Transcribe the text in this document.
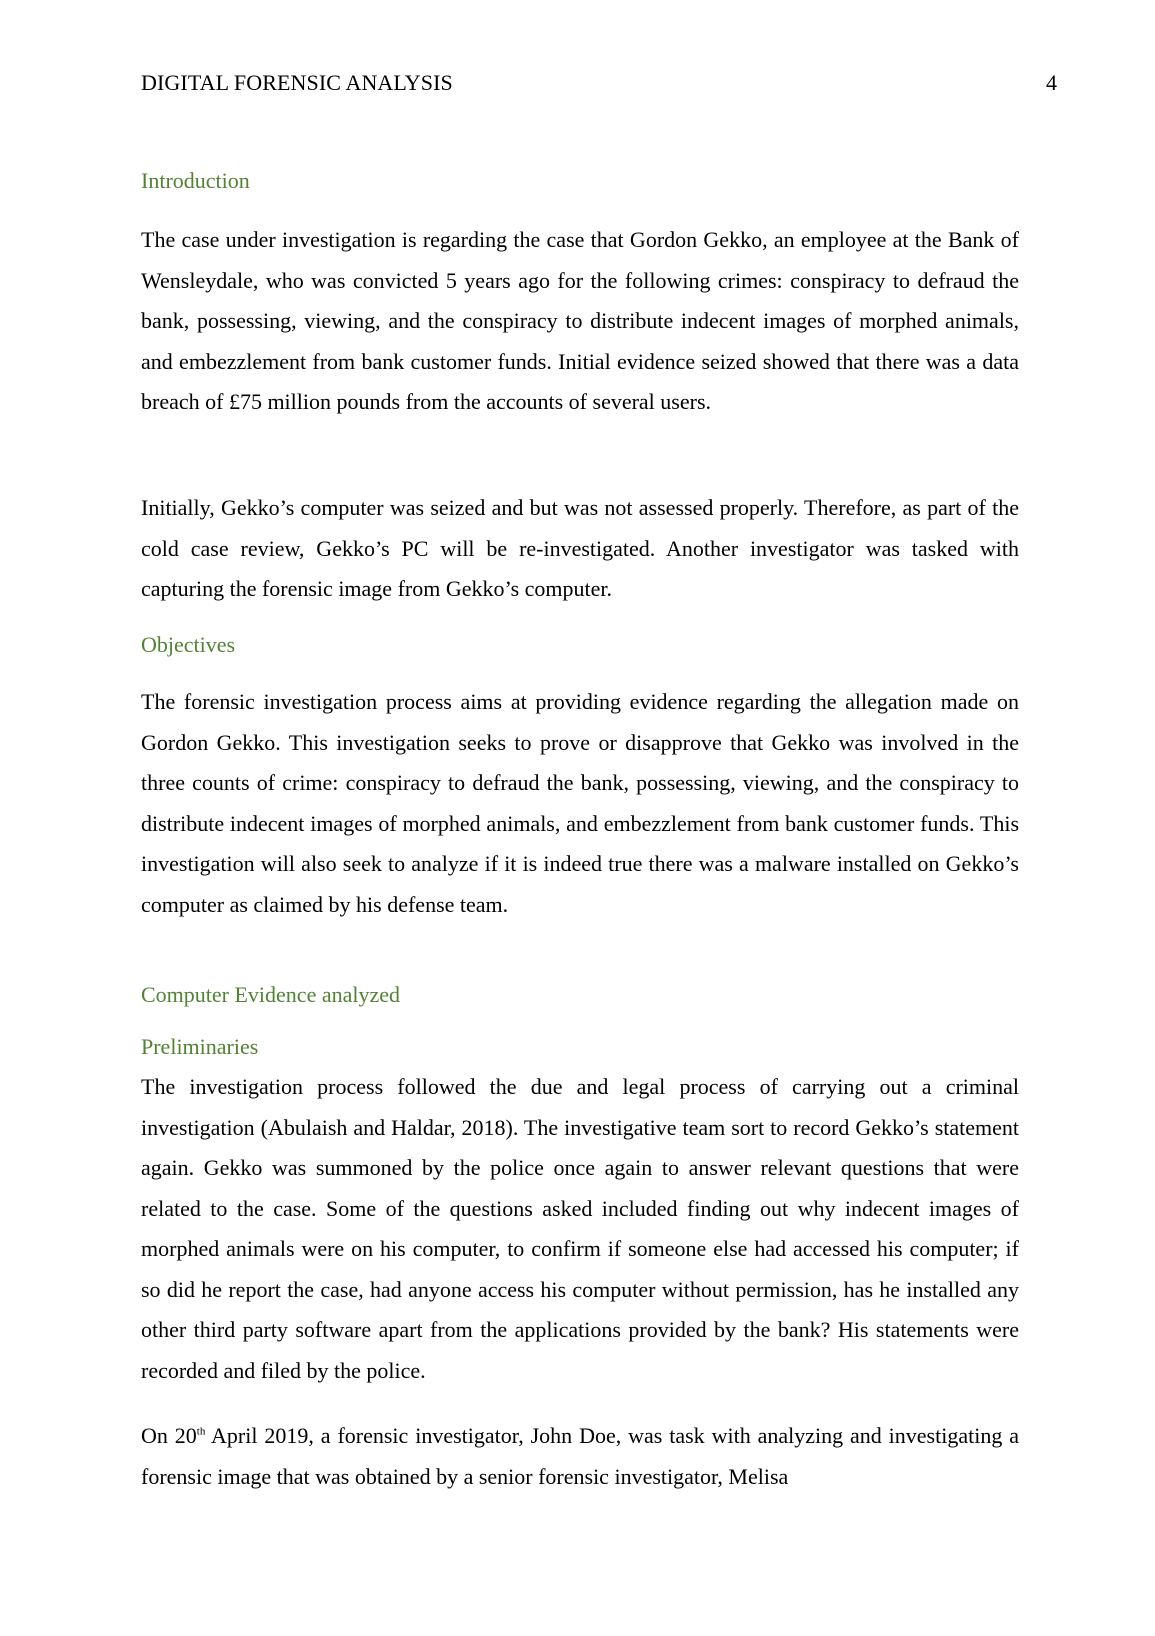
DIGITAL FORENSIC ANALYSIS	4
Introduction

The case under investigation is regarding the case that Gordon Gekko, an employee at the Bank of Wensleydale, who was convicted 5 years ago for the following crimes: conspiracy to defraud the bank, possessing, viewing, and the conspiracy to distribute indecent images of morphed animals, and embezzlement from bank customer funds. Initial evidence seized showed that there was a data breach of £75 million pounds from the accounts of several users.

Initially, Gekko’s computer was seized and but was not assessed properly. Therefore, as part of the cold case review, Gekko’s PC will be re-investigated. Another investigator was tasked with capturing the forensic image from Gekko’s computer.

Objectives

The forensic investigation process aims at providing evidence regarding the allegation made on Gordon Gekko. This investigation seeks to prove or disapprove that Gekko was involved in the three counts of crime: conspiracy to defraud the bank, possessing, viewing, and the conspiracy to distribute indecent images of morphed animals, and embezzlement from bank customer funds. This investigation will also seek to analyze if it is indeed true there was a malware installed on Gekko’s computer as claimed by his defense team.

Computer Evidence analyzed
Preliminaries

The investigation process followed the due and legal process of carrying out a criminal investigation (Abulaish and Haldar, 2018). The investigative team sort to record Gekko’s statement again. Gekko was summoned by the police once again to answer relevant questions that were related to the case. Some of the questions asked included finding out why indecent images of morphed animals were on his computer, to confirm if someone else had accessed his computer; if so did he report the case, had anyone access his computer without permission, has he installed any other third party software apart from the applications provided by the bank? His statements were recorded and filed by the police.

On 20th April 2019, a forensic investigator, John Doe, was task with analyzing and investigating a forensic image that was obtained by a senior forensic investigator, Melisa
